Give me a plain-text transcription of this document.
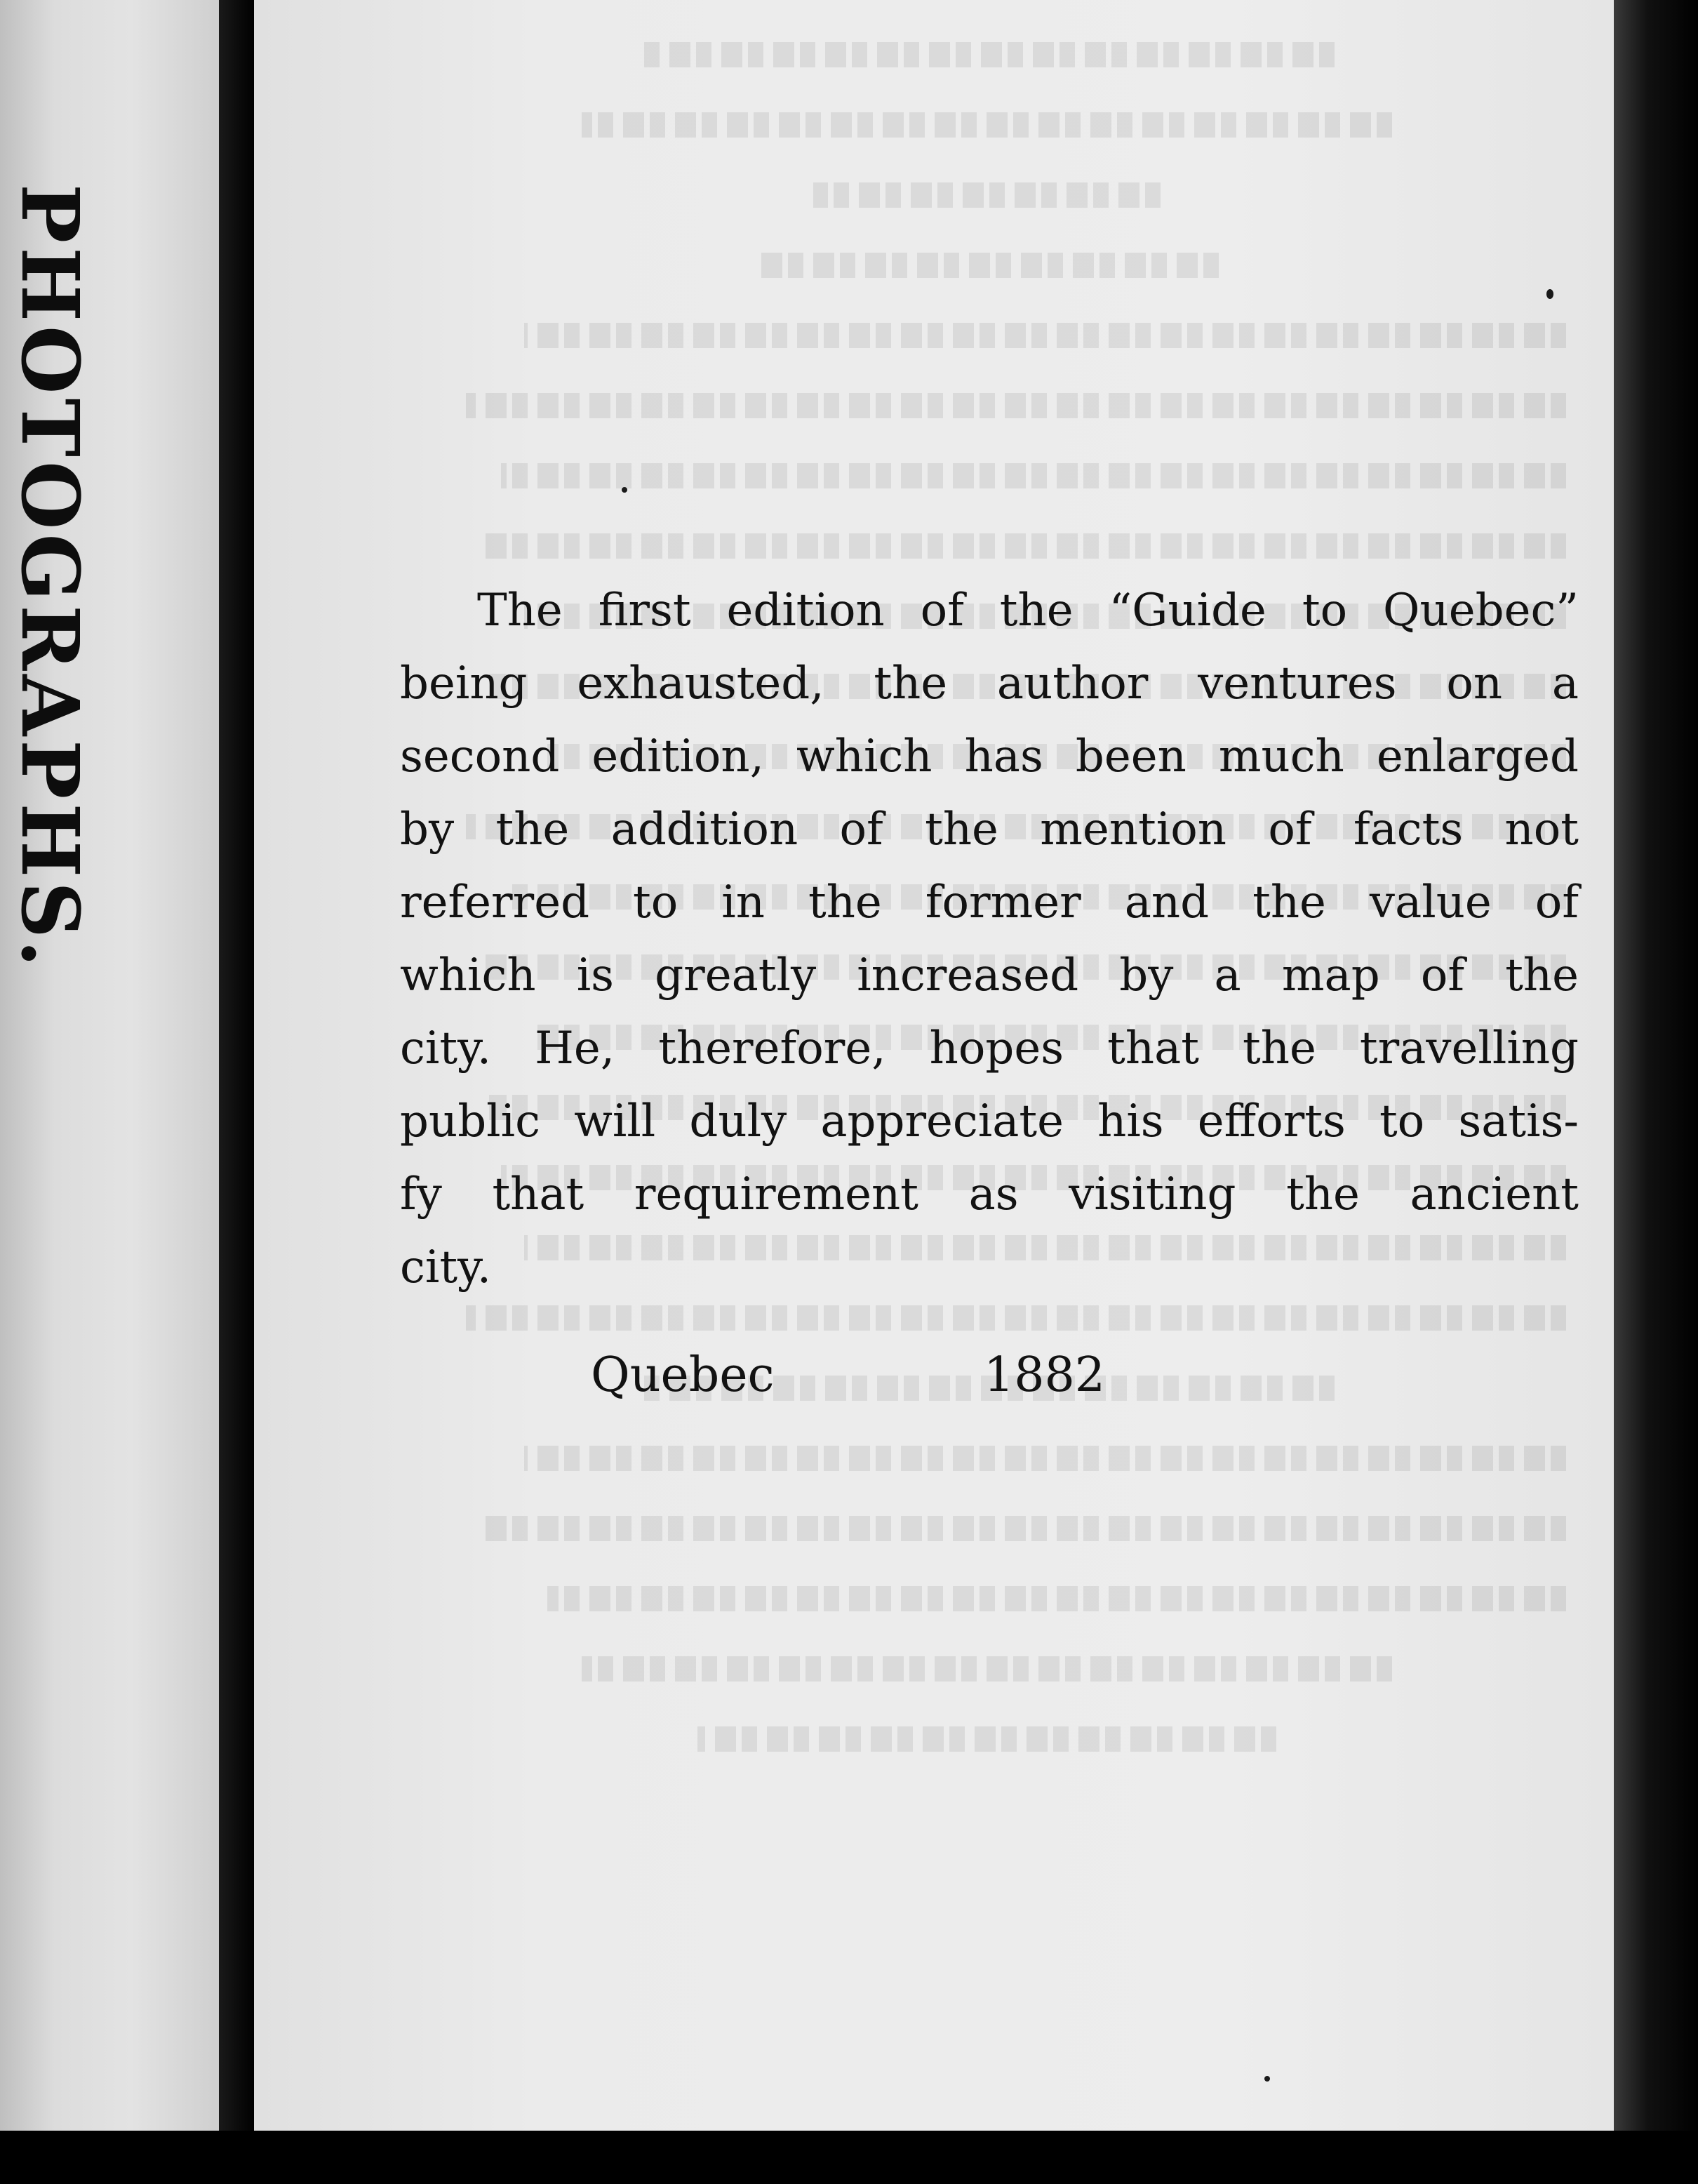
PHOTOGRAPHS.	The first edition of the “Guide to Quebec”
being exhausted, the author ventures on a
second edition, which has been much enlarged
by the addition of the mention of facts not
referred to in the former and the value of
which is greatly increased by a map of the
city. He, therefore, hopes that the travelling
public will duly appreciate his efforts to satis-
fy that requirement as visiting the ancient
city.
Quebec	1882
